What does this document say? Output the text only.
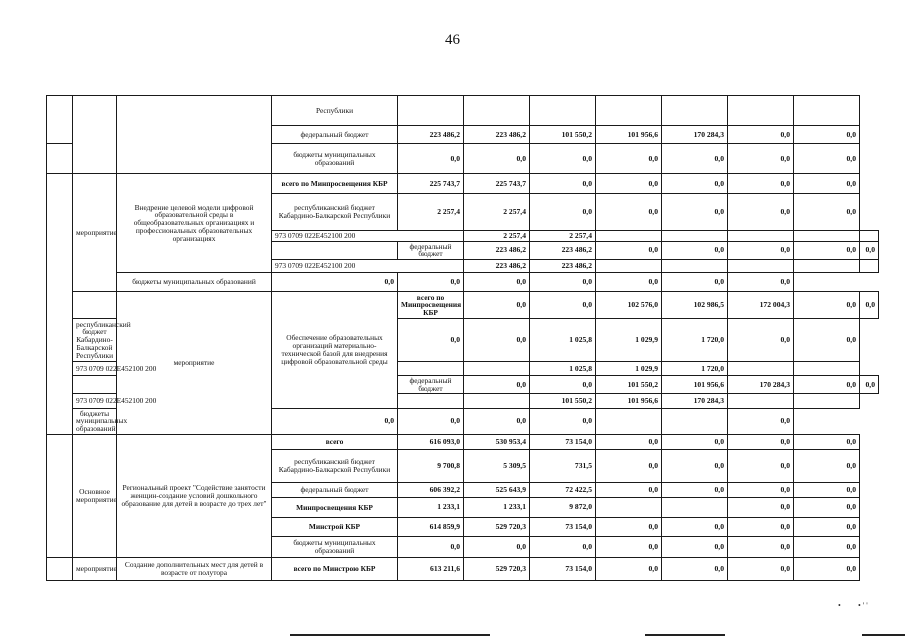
46
			Республики								
			федеральный бюджет	223 486,2	223 486,2	101 550,2	101 956,6	170 284,3	0,0	0,0	
			бюджеты муниципальных образований	0,0	0,0	0,0	0,0	0,0	0,0	0,0	
	мероприятие	Внедрение целевой модели цифровой образовательной среды в общеобразовательных организациях и профессиональных образовательных организациях	всего по Минпросвещения КБР	225 743,7	225 743,7	0,0	0,0	0,0	0,0	0,0	
			республиканский бюджет Кабардино-Балкарской Республики	2 257,4	2 257,4	0,0	0,0	0,0	0,0	0,0	
			973 0709 022E452100 200		2 257,4	2 257,4					
				федеральный бюджет	223 486,2	223 486,2	0,0	0,0	0,0	0,0	0,0
			973 0709 022E452100 200		223 486,2	223 486,2					
		бюджеты муниципальных образований	0,0	0,0	0,0	0,0	0,0	0,0	0,0		
		мероприятие	Обеспечение образовательных организаций материально-технической базой для внедрения цифровой образовательной среды	всего по Минпросвещения КБР	0,0	0,0	102 576,0	102 986,5	172 004,3	0,0	0,0
	республиканский бюджет Кабардино-Балкарской Республики			0,0	0,0	1 025,8	1 029,9	1 720,0	0,0	0,0	
	973 0709 022E452100 200					1 025,8	1 029,9	1 720,0			
				федеральный бюджет	0,0	0,0	101 550,2	101 956,6	170 284,3	0,0	0,0
	973 0709 022E452100 200					101 550,2	101 956,6	170 284,3			
	бюджеты муниципальных образований		0,0	0,0	0,0	0,0			0,0		
	Основное мероприятие	Региональный проект "Содействие занятости женщин-создание условий дошкольного образование для детей в возрасте до трех лет"	всего	616 093,0	530 953,4	73 154,0	0,0	0,0	0,0	0,0	
			республиканский бюджет Кабардино-Балкарской Республики	9 700,8	5 309,5	731,5	0,0	0,0	0,0	0,0	
			федеральный бюджет	606 392,2	525 643,9	72 422,5	0,0	0,0	0,0	0,0	
			Минпросвещения КБР	1 233,1	1 233,1	9 872,0			0,0	0,0	
			Минстрой КБР	614 859,9	529 720,3	73 154,0	0,0	0,0	0,0	0,0	
			бюджеты муниципальных образований	0,0	0,0	0,0	0,0	0,0	0,0	0,0	
	мероприятие	Создание дополнительных мест для детей в возрасте от полутора	всего по Минстрою КБР	613 211,6	529 720,3	73 154,0	0,0	0,0	0,0	0,0	
• • ' '
